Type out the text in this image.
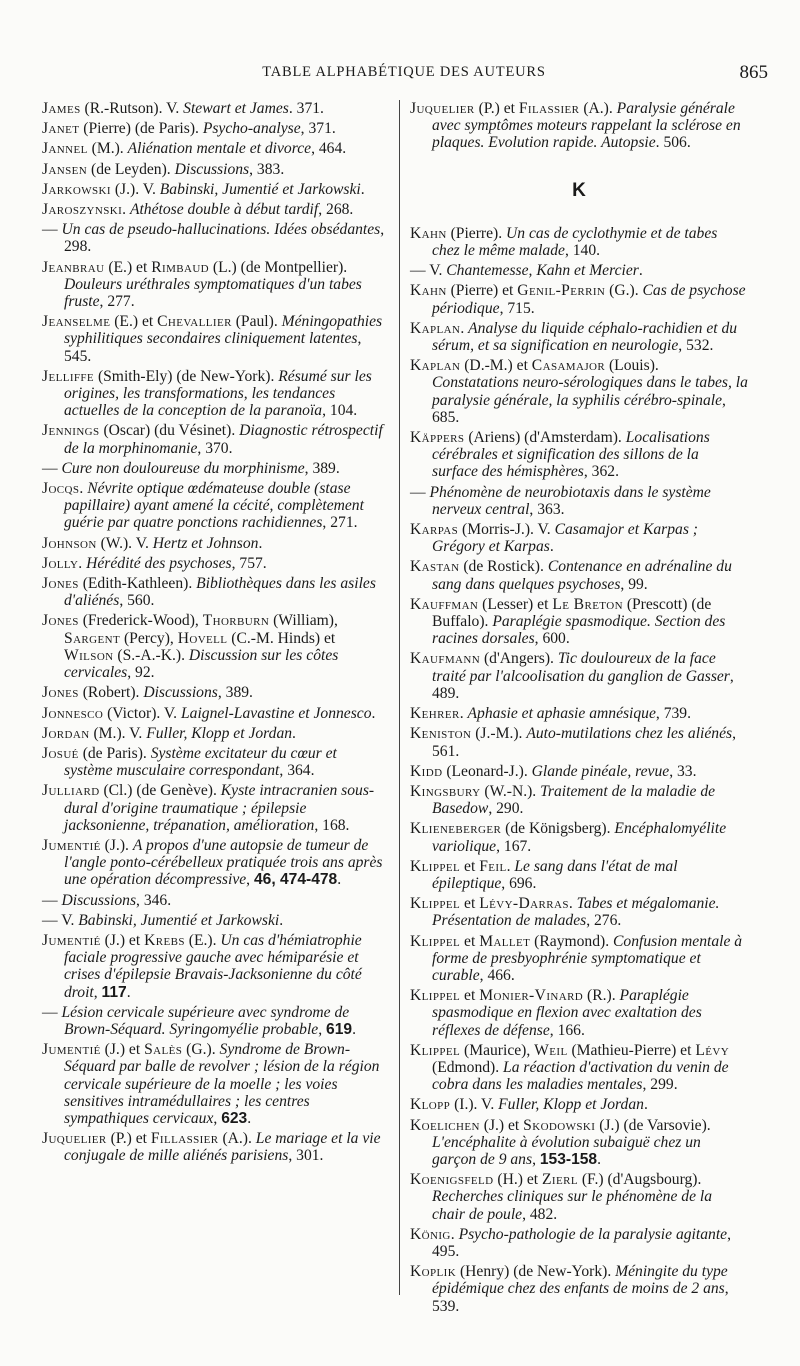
TABLE ALPHABÉTIQUE DES AUTEURS	865
James (R.-Rutson). V. Stewart et James. 371.
Janet (Pierre) (de Paris). Psycho-analyse, 371.
Jannel (M.). Aliénation mentale et divorce, 464.
Jansen (de Leyden). Discussions, 383.
Jarkowski (J.). V. Babinski, Jumentié et Jarkowski.
Jaroszynski. Athétose double à début tardif, 268.
— Un cas de pseudo-hallucinations. Idées obsédantes, 298.
Jeanbrau (E.) et Rimbaud (L.) (de Montpellier). Douleurs uréthrales symptomatiques d'un tabes fruste, 277.
Jeanselme (E.) et Chevallier (Paul). Méningopathies syphilitiques secondaires cliniquement latentes, 545.
Jelliffe (Smith-Ely) (de New-York). Résumé sur les origines, les transformations, les tendances actuelles de la conception de la paranoïa, 104.
Jennings (Oscar) (du Vésinet). Diagnostic rétrospectif de la morphinomanie, 370.
— Cure non douloureuse du morphinisme, 389.
Jocqs. Névrite optique œdémateuse double (stase papillaire) ayant amené la cécité, complètement guérie par quatre ponctions rachidiennes, 271.
Johnson (W.). V. Hertz et Johnson.
Jolly. Hérédité des psychoses, 757.
Jones (Edith-Kathleen). Bibliothèques dans les asiles d'aliénés, 560.
Jones (Frederick-Wood), Thorburn (William), Sargent (Percy), Hovell (C.-M. Hinds) et Wilson (S.-A.-K.). Discussion sur les côtes cervicales, 92.
Jones (Robert). Discussions, 389.
Jonnesco (Victor). V. Laignel-Lavastine et Jonnesco.
Jordan (M.). V. Fuller, Klopp et Jordan.
Josué (de Paris). Système excitateur du cœur et système musculaire correspondant, 364.
Julliard (Cl.) (de Genève). Kyste intracranien sous-dural d'origine traumatique ; épilepsie jacksonienne, trépanation, amélioration, 168.
Jumentié (J.). A propos d'une autopsie de tumeur de l'angle ponto-cérébelleux pratiquée trois ans après une opération décompressive, 46, 474-478.
— Discussions, 346.
— V. Babinski, Jumentié et Jarkowski.
Jumentié (J.) et Krebs (E.). Un cas d'hémiatrophie faciale progressive gauche avec hémiparésie et crises d'épilepsie Bravais-Jacksonienne du côté droit, 117.
— Lésion cervicale supérieure avec syndrome de Brown-Séquard. Syringomyélie probable, 619.
Jumentié (J.) et Salès (G.). Syndrome de Brown-Séquard par balle de revolver ; lésion de la région cervicale supérieure de la moelle ; les voies sensitives intramédullaires ; les centres sympathiques cervicaux, 623.
Juquelier (P.) et Fillassier (A.). Le mariage et la vie conjugale de mille aliénés parisiens, 301.
Juquelier (P.) et Filassier (A.). Paralysie générale avec symptômes moteurs rappelant la sclérose en plaques. Evolution rapide. Autopsie. 506.
K
Kahn (Pierre). Un cas de cyclothymie et de tabes chez le même malade, 140.
— V. Chantemesse, Kahn et Mercier.
Kahn (Pierre) et Genil-Perrin (G.). Cas de psychose périodique, 715.
Kaplan. Analyse du liquide céphalo-rachidien et du sérum, et sa signification en neurologie, 532.
Kaplan (D.-M.) et Casamajor (Louis). Constatations neuro-sérologiques dans le tabes, la paralysie générale, la syphilis cérébro-spinale, 685.
Käppers (Ariens) (d'Amsterdam). Localisations cérébrales et signification des sillons de la surface des hémisphères, 362.
— Phénomène de neurobiotaxis dans le système nerveux central, 363.
Karpas (Morris-J.). V. Casamajor et Karpas ; Grégory et Karpas.
Kastan (de Rostick). Contenance en adrénaline du sang dans quelques psychoses, 99.
Kauffman (Lesser) et Le Breton (Prescott) (de Buffalo). Paraplégie spasmodique. Section des racines dorsales, 600.
Kaufmann (d'Angers). Tic douloureux de la face traité par l'alcoolisation du ganglion de Gasser, 489.
Kehrer. Aphasie et aphasie amnésique, 739.
Keniston (J.-M.). Auto-mutilations chez les aliénés, 561.
Kidd (Leonard-J.). Glande pinéale, revue, 33.
Kingsbury (W.-N.). Traitement de la maladie de Basedow, 290.
Klieneberger (de Königsberg). Encéphalomyélite variolique, 167.
Klippel et Feil. Le sang dans l'état de mal épileptique, 696.
Klippel et Lévy-Darras. Tabes et mégalomanie. Présentation de malades, 276.
Klippel et Mallet (Raymond). Confusion mentale à forme de presbyophrénie symptomatique et curable, 466.
Klippel et Monier-Vinard (R.). Paraplégie spasmodique en flexion avec exaltation des réflexes de défense, 166.
Klippel (Maurice), Weil (Mathieu-Pierre) et Lévy (Edmond). La réaction d'activation du venin de cobra dans les maladies mentales, 299.
Klopp (I.). V. Fuller, Klopp et Jordan.
Koelichen (J.) et Skodowski (J.) (de Varsovie). L'encéphalite à évolution subaiguë chez un garçon de 9 ans, 153-158.
Koenigsfeld (H.) et Zierl (F.) (d'Augsbourg). Recherches cliniques sur le phénomène de la chair de poule, 482.
König. Psycho-pathologie de la paralysie agitante, 495.
Koplik (Henry) (de New-York). Méningite du type épidémique chez des enfants de moins de 2 ans, 539.
